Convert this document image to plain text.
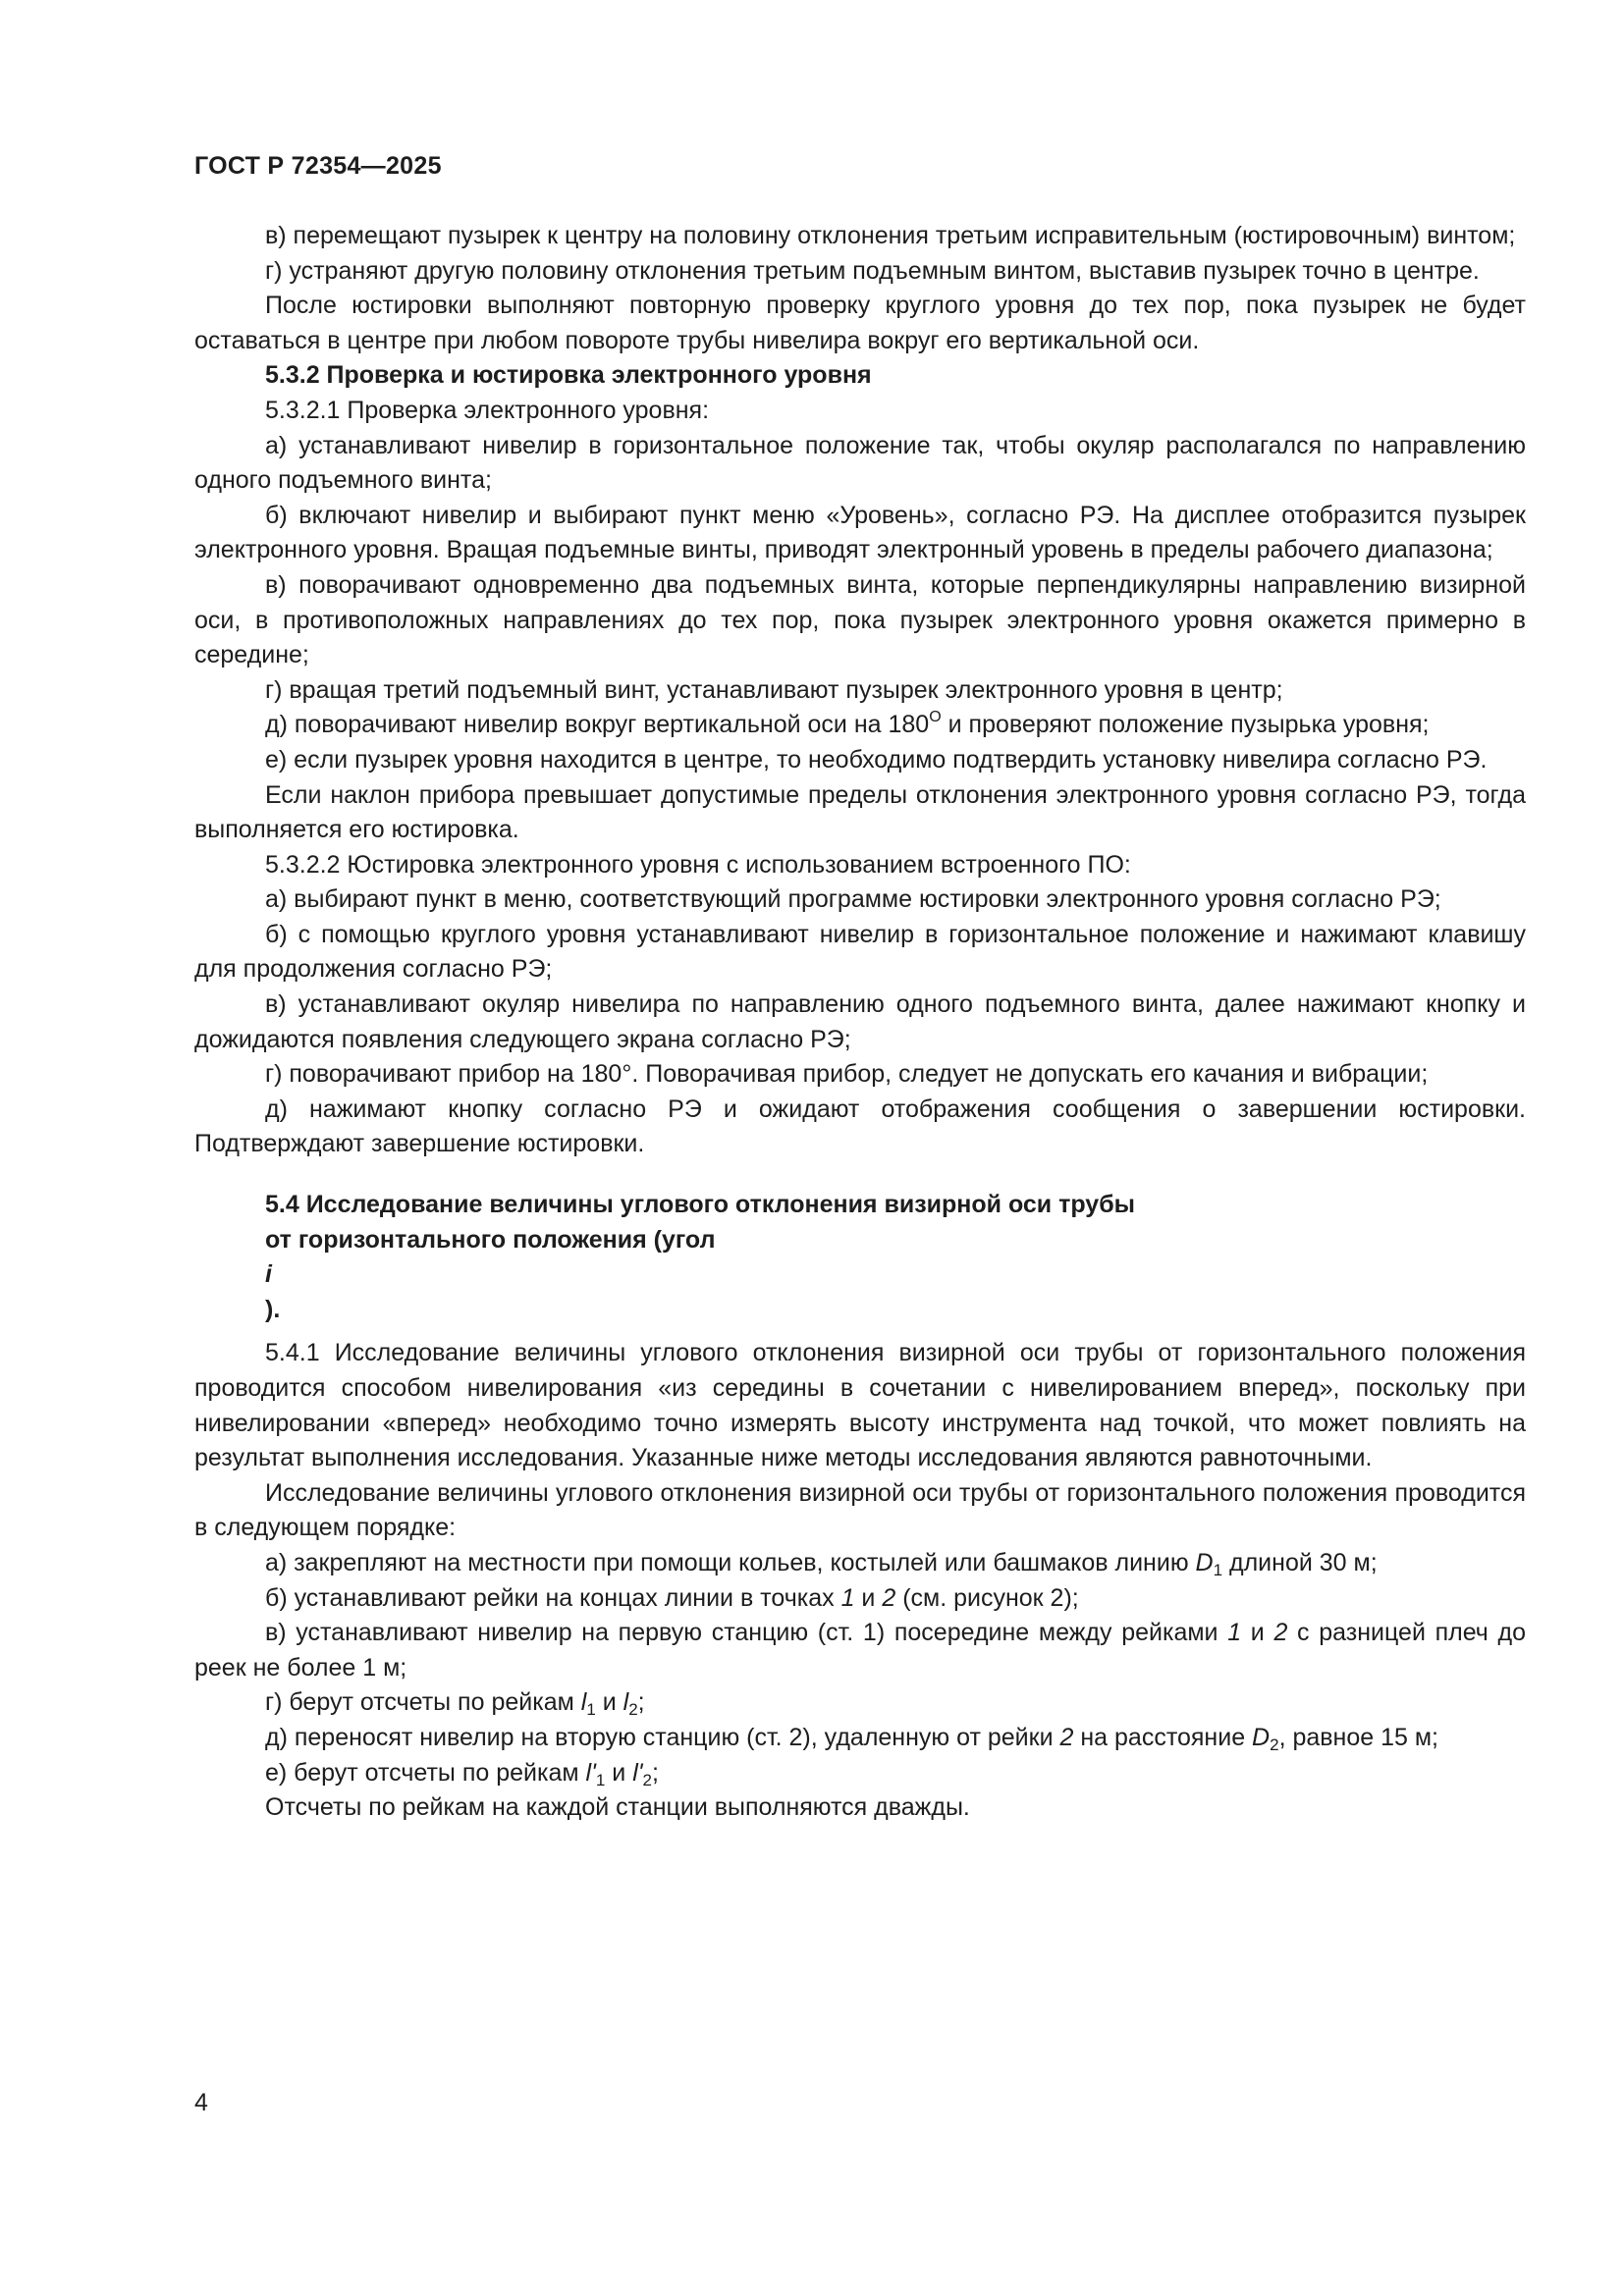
ГОСТ Р 72354—2025

в) перемещают пузырек к центру на половину отклонения третьим исправительным (юстировочным) винтом;

г) устраняют другую половину отклонения третьим подъемным винтом, выставив пузырек точно в центре.

После юстировки выполняют повторную проверку круглого уровня до тех пор, пока пузырек не будет оставаться в центре при любом повороте трубы нивелира вокруг его вертикальной оси.

5.3.2 Проверка и юстировка электронного уровня

5.3.2.1 Проверка электронного уровня:

а) устанавливают нивелир в горизонтальное положение так, чтобы окуляр располагался по направлению одного подъемного винта;

б) включают нивелир и выбирают пункт меню «Уровень», согласно РЭ. На дисплее отобразится пузырек электронного уровня. Вращая подъемные винты, приводят электронный уровень в пределы рабочего диапазона;

в) поворачивают одновременно два подъемных винта, которые перпендикулярны направлению визирной оси, в противоположных направлениях до тех пор, пока пузырек электронного уровня окажется примерно в середине;

г) вращая третий подъемный винт, устанавливают пузырек электронного уровня в центр;

д) поворачивают нивелир вокруг вертикальной оси на $180^О$ и проверяют положение пузырька уровня;

е) если пузырек уровня находится в центре, то необходимо подтвердить установку нивелира согласно РЭ.

Если наклон прибора превышает допустимые пределы отклонения электронного уровня согласно РЭ, тогда выполняется его юстировка.

5.3.2.2 Юстировка электронного уровня с использованием встроенного ПО:

а) выбирают пункт в меню, соответствующий программе юстировки электронного уровня согласно РЭ;

б) с помощью круглого уровня устанавливают нивелир в горизонтальное положение и нажимают клавишу для продолжения согласно РЭ;

в) устанавливают окуляр нивелира по направлению одного подъемного винта, далее нажимают кнопку и дожидаются появления следующего экрана согласно РЭ;

г) поворачивают прибор на 180°. Поворачивая прибор, следует не допускать его качания и вибрации;

д) нажимают кнопку согласно РЭ и ожидают отображения сообщения о завершении юстировки. Подтверждают завершение юстировки.

5.4 Исследование величины углового отклонения визирной оси трубы
от горизонтального положения (угол
i
).

5.4.1 Исследование величины углового отклонения визирной оси трубы от горизонтального положения проводится способом нивелирования «из середины в сочетании с нивелированием вперед», поскольку при нивелировании «вперед» необходимо точно измерять высоту инструмента над точкой, что может повлиять на результат выполнения исследования. Указанные ниже методы исследования являются равноточными.

Исследование величины углового отклонения визирной оси трубы от горизонтального положения проводится в следующем порядке:

а) закрепляют на местности при помощи кольев, костылей или башмаков линию $D_1$ длиной 30 м;

б) устанавливают рейки на концах линии в точках 1 и 2 (см. рисунок 2);

в) устанавливают нивелир на первую станцию (ст. 1) посередине между рейками 1 и 2 с разницей плеч до реек не более 1 м;

г) берут отсчеты по рейкам $l_1$ и $l_2$;

д) переносят нивелир на вторую станцию (ст. 2), удаленную от рейки 2 на расстояние $D_2$, равное 15 м;

е) берут отсчеты по рейкам $l'_1$ и $l'_2$;

Отсчеты по рейкам на каждой станции выполняются дважды.

4
